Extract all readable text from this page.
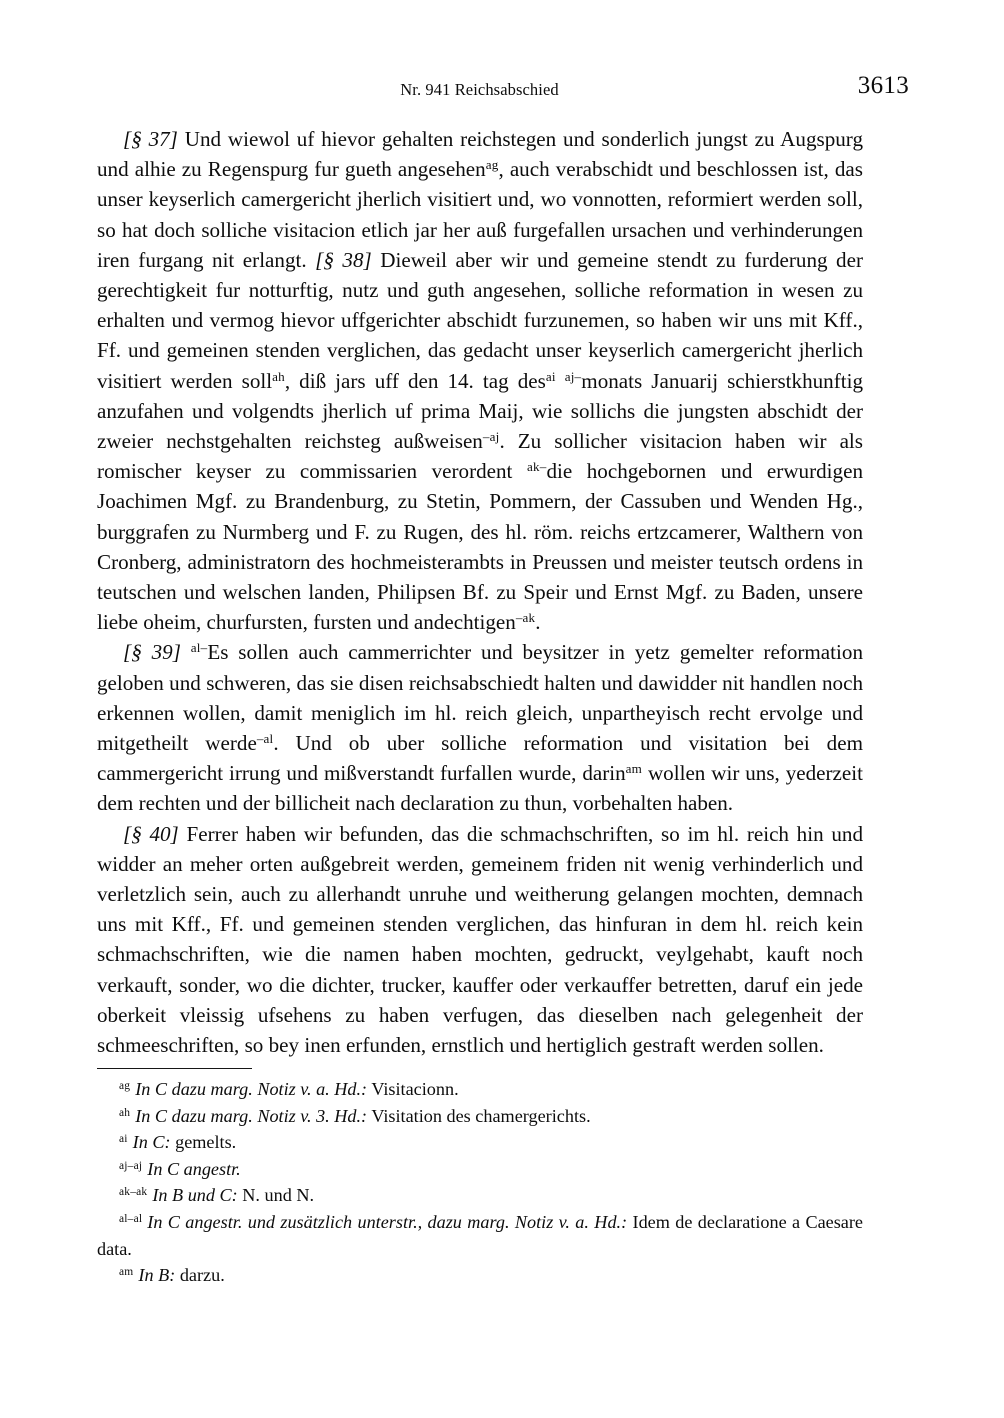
Nr. 941 Reichsabschied	3613

[§ 37] Und wiewol uf hievor gehalten reichstegen und sonderlich jungst zu Augspurg und alhie zu Regenspurg fur gueth angesehen$^{ag}$, auch verabschidt und beschlossen ist, das unser keyserlich camergericht jherlich visitiert und, wo vonnotten, reformiert werden soll, so hat doch solliche visitacion etlich jar her auß furgefallen ursachen und verhinderungen iren furgang nit erlangt. [§ 38] Dieweil aber wir und gemeine stendt zu furderung der gerechtigkeit fur notturftig, nutz und guth angesehen, solliche reformation in wesen zu erhalten und vermog hievor uffgerichter abschidt furzunemen, so haben wir uns mit Kff., Ff. und gemeinen stenden verglichen, das gedacht unser keyserlich camergericht jherlich visitiert werden soll$^{ah}$, diß jars uff den 14. tag des$^{ai}$ $^{aj-}$monats Januarij schierstkhunftig anzufahen und volgendts jherlich uf prima Maij, wie sollichs die jungsten abschidt der zweier nechstgehalten reichsteg außweisen$^{-aj}$. Zu sollicher visitacion haben wir als romischer keyser zu commissarien verordent $^{ak-}$die hochgebornen und erwurdigen Joachimen Mgf. zu Brandenburg, zu Stetin, Pommern, der Cassuben und Wenden Hg., burggrafen zu Nurmberg und F. zu Rugen, des hl. röm. reichs ertzcamerer, Walthern von Cronberg, administratorn des hochmeisterambts in Preussen und meister teutsch ordens in teutschen und welschen landen, Philipsen Bf. zu Speir und Ernst Mgf. zu Baden, unsere liebe oheim, churfursten, fursten und andechtigen$^{-ak}$.

[§ 39] $^{al-}$Es sollen auch cammerrichter und beysitzer in yetz gemelter reformation geloben und schweren, das sie disen reichsabschiedt halten und dawidder nit handlen noch erkennen wollen, damit meniglich im hl. reich gleich, unpartheyisch recht ervolge und mitgetheilt werde$^{-al}$. Und ob uber solliche reformation und visitation bei dem cammergericht irrung und mißverstandt furfallen wurde, darin$^{am}$ wollen wir uns, yederzeit dem rechten und der billicheit nach declaration zu thun, vorbehalten haben.

[§ 40] Ferrer haben wir befunden, das die schmachschriften, so im hl. reich hin und widder an meher orten außgebreit werden, gemeinem friden nit wenig verhinderlich und verletzlich sein, auch zu allerhandt unruhe und weitherung gelangen mochten, demnach uns mit Kff., Ff. und gemeinen stenden verglichen, das hinfuran in dem hl. reich kein schmachschriften, wie die namen haben mochten, gedruckt, veylgehabt, kauft noch verkauft, sonder, wo die dichter, trucker, kauffer oder verkauffer betretten, daruf ein jede oberkeit vleissig ufsehens zu haben verfugen, das dieselben nach gelegenheit der schmeeschriften, so bey inen erfunden, ernstlich und hertiglich gestraft werden sollen.

$^{ag}$ In C dazu marg. Notiz v. a. Hd.: Visitacionn.

$^{ah}$ In C dazu marg. Notiz v. 3. Hd.: Visitation des chamergerichts.

$^{ai}$ In C: gemelts.

$^{aj-aj}$ In C angestr.

$^{ak-ak}$ In B und C: N. und N.

$^{al-al}$ In C angestr. und zusätzlich unterstr., dazu marg. Notiz v. a. Hd.: Idem de declaratione a Caesare data.

$^{am}$ In B: darzu.
